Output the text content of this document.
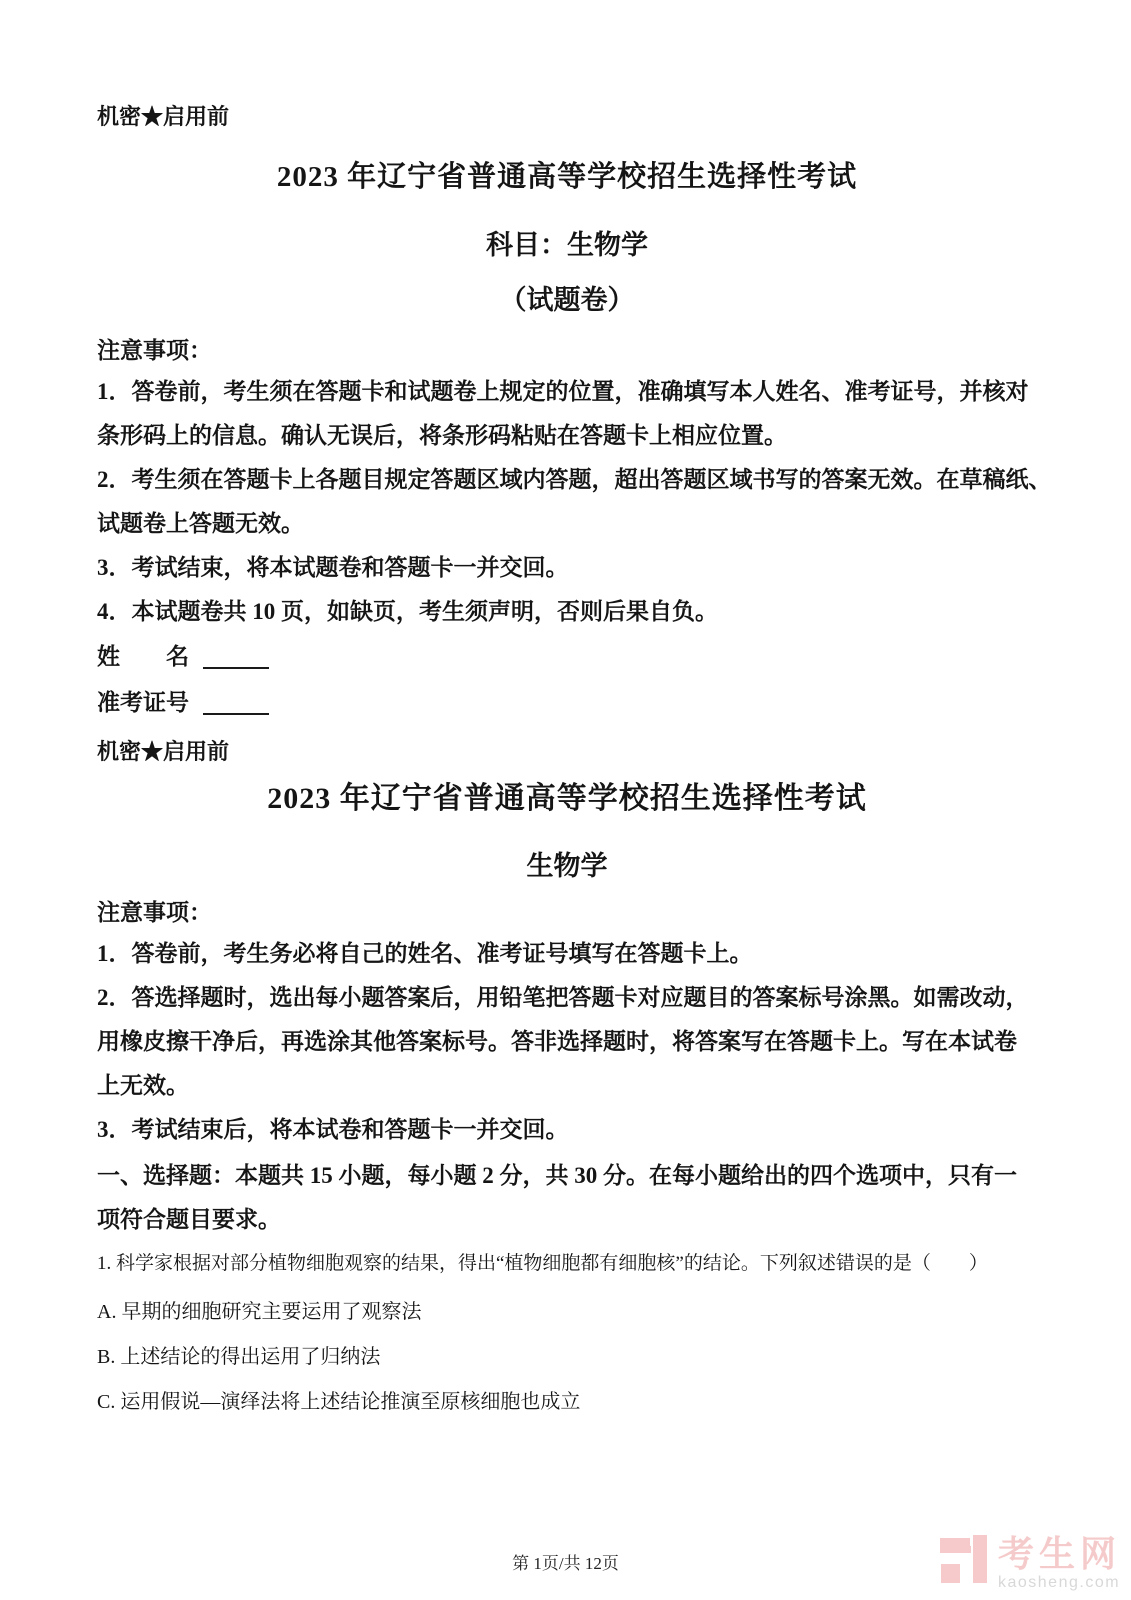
机密★启用前
2023 年辽宁省普通高等学校招生选择性考试
科目：生物学
（试题卷）
注意事项：
1．答卷前，考生须在答题卡和试题卷上规定的位置，准确填写本人姓名、准考证号，并核对
条形码上的信息。确认无误后，将条形码粘贴在答题卡上相应位置。
2．考生须在答题卡上各题目规定答题区域内答题，超出答题区域书写的答案无效。在草稿纸、
试题卷上答题无效。
3．考试结束，将本试题卷和答题卡一并交回。
4．本试题卷共 10 页，如缺页，考生须声明，否则后果自负。
姓　　名
准考证号
机密★启用前
2023 年辽宁省普通高等学校招生选择性考试
生物学
注意事项：
1．答卷前，考生务必将自己的姓名、准考证号填写在答题卡上。
2．答选择题时，选出每小题答案后，用铅笔把答题卡对应题目的答案标号涂黑。如需改动，
用橡皮擦干净后，再选涂其他答案标号。答非选择题时，将答案写在答题卡上。写在本试卷
上无效。
3．考试结束后，将本试卷和答题卡一并交回。
一、选择题：本题共 15 小题，每小题 2 分，共 30 分。在每小题给出的四个选项中，只有一
项符合题目要求。
1. 科学家根据对部分植物细胞观察的结果，得出“植物细胞都有细胞核”的结论。下列叙述错误的是（　　）
A. 早期的细胞研究主要运用了观察法
B. 上述结论的得出运用了归纳法
C. 运用假说—演绎法将上述结论推演至原核细胞也成立
第 1页/共 12页	考生网
kaosheng.com
